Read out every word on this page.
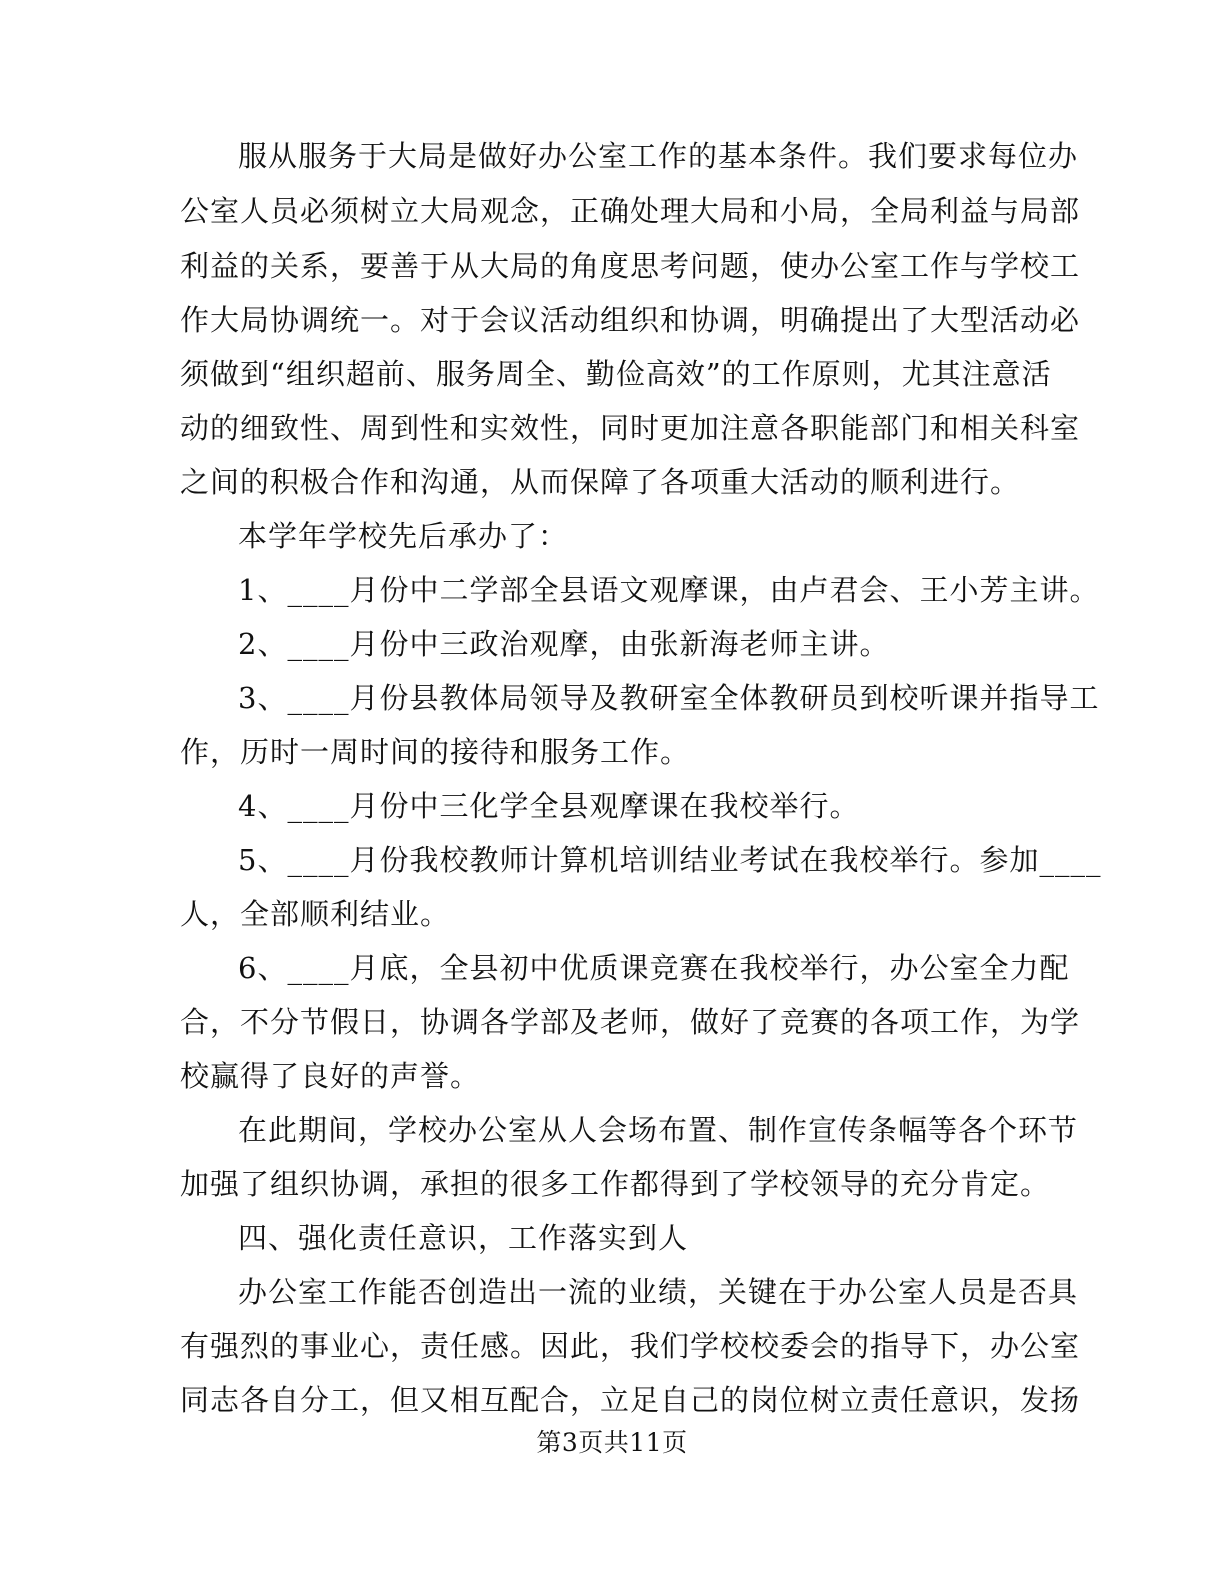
服从服务于大局是做好办公室工作的基本条件。我们要求每位办
公室人员必须树立大局观念，正确处理大局和小局，全局利益与局部
利益的关系，要善于从大局的角度思考问题，使办公室工作与学校工
作大局协调统一。对于会议活动组织和协调，明确提出了大型活动必
须做到“组织超前、服务周全、勤俭高效”的工作原则，尤其注意活
动的细致性、周到性和实效性，同时更加注意各职能部门和相关科室
之间的积极合作和沟通，从而保障了各项重大活动的顺利进行。
本学年学校先后承办了：
1、____月份中二学部全县语文观摩课，由卢君会、王小芳主讲。
2、____月份中三政治观摩，由张新海老师主讲。
3、____月份县教体局领导及教研室全体教研员到校听课并指导工
作，历时一周时间的接待和服务工作。
4、____月份中三化学全县观摩课在我校举行。
5、____月份我校教师计算机培训结业考试在我校举行。参加____
人，全部顺利结业。
6、____月底，全县初中优质课竞赛在我校举行，办公室全力配
合，不分节假日，协调各学部及老师，做好了竞赛的各项工作，为学
校赢得了良好的声誉。
在此期间，学校办公室从人会场布置、制作宣传条幅等各个环节
加强了组织协调，承担的很多工作都得到了学校领导的充分肯定。
四、强化责任意识，工作落实到人
办公室工作能否创造出一流的业绩，关键在于办公室人员是否具
有强烈的事业心，责任感。因此，我们学校校委会的指导下，办公室
同志各自分工，但又相互配合，立足自己的岗位树立责任意识，发扬
第3页共11页
